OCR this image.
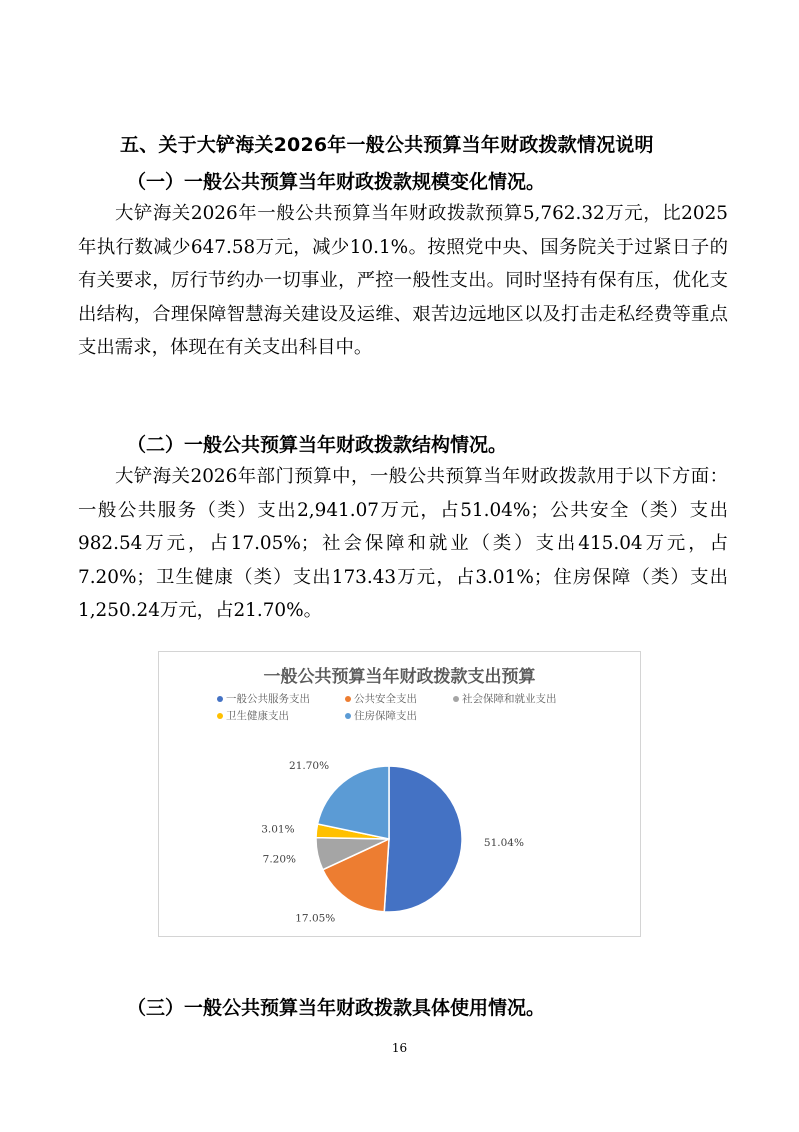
五、关于大铲海关2026年一般公共预算当年财政拨款情况说明
（一）一般公共预算当年财政拨款规模变化情况。

大铲海关2026年一般公共预算当年财政拨款预算5,762.32万元，比2025年执行数减少647.58万元，减少10.1%。按照党中央、国务院关于过紧日子的有关要求，厉行节约办一切事业，严控一般性支出。同时坚持有保有压，优化支出结构，合理保障智慧海关建设及运维、艰苦边远地区以及打击走私经费等重点支出需求，体现在有关支出科目中。

（二）一般公共预算当年财政拨款结构情况。

大铲海关2026年部门预算中，一般公共预算当年财政拨款用于以下方面：一般公共服务（类）支出2,941.07万元，占51.04%；公共安全（类）支出982.54万元，占17.05%；社会保障和就业（类）支出415.04万元，占7.20%；卫生健康（类）支出173.43万元，占3.01%；住房保障（类）支出1,250.24万元，占21.70%。

一般公共预算当年财政拨款支出预算
一般公共服务支出	公共安全支出	社会保障和就业支出
卫生健康支出	住房保障支出
51.04%
17.05%
7.20%
3.01%
21.70%
（三）一般公共预算当年财政拨款具体使用情况。
16
